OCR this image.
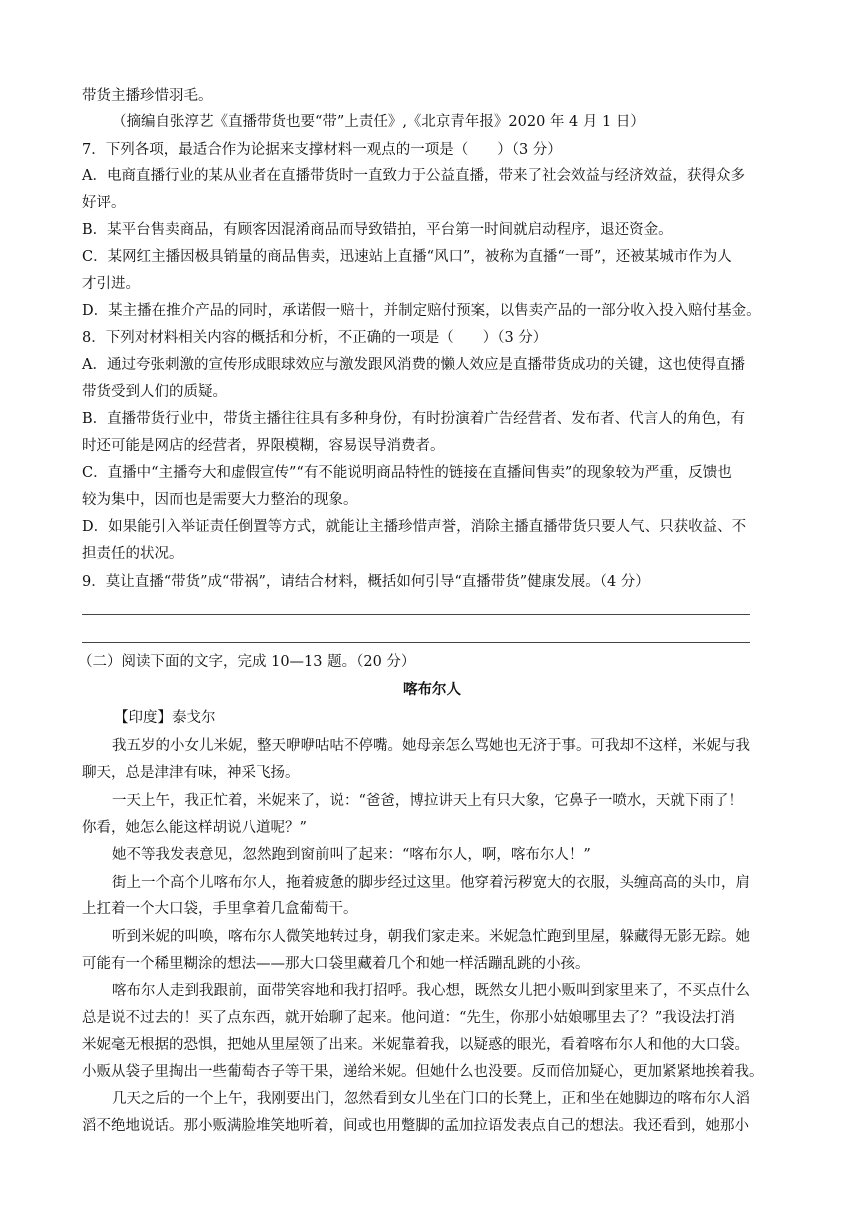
带货主播珍惜羽毛。
（摘编自张淳艺《直播带货也要“带”上责任》,《北京青年报》2020 年 4 月 1 日）
7．下列各项，最适合作为论据来支撑材料一观点的一项是（　　）（3 分）
A．电商直播行业的某从业者在直播带货时一直致力于公益直播，带来了社会效益与经济效益，获得众多
好评。
B．某平台售卖商品，有顾客因混淆商品而导致错拍，平台第一时间就启动程序，退还资金。
C．某网红主播因极具销量的商品售卖，迅速站上直播“风口”，被称为直播“一哥”，还被某城市作为人
才引进。
D．某主播在推介产品的同时，承诺假一赔十，并制定赔付预案，以售卖产品的一部分收入投入赔付基金。
8．下列对材料相关内容的概括和分析，不正确的一项是（　　）（3 分）
A．通过夸张刺激的宣传形成眼球效应与激发跟风消费的懒人效应是直播带货成功的关键，这也使得直播
带货受到人们的质疑。
B．直播带货行业中，带货主播往往具有多种身份，有时扮演着广告经营者、发布者、代言人的角色，有
时还可能是网店的经营者，界限模糊，容易误导消费者。
C．直播中“主播夸大和虚假宣传”“有不能说明商品特性的链接在直播间售卖”的现象较为严重，反馈也
较为集中，因而也是需要大力整治的现象。
D．如果能引入举证责任倒置等方式，就能让主播珍惜声誉，消除主播直播带货只要人气、只获收益、不
担责任的状况。
9．莫让直播“带货”成“带祸”，请结合材料，概括如何引导“直播带货”健康发展。（4 分）
（二）阅读下面的文字，完成 10—13 题。（20 分）
喀布尔人
【印度】泰戈尔
我五岁的小女儿米妮，整天咿咿咕咕不停嘴。她母亲怎么骂她也无济于事。可我却不这样，米妮与我
聊天，总是津津有味，神采飞扬。
一天上午，我正忙着，米妮来了，说：“爸爸，博拉讲天上有只大象，它鼻子一喷水，天就下雨了！
你看，她怎么能这样胡说八道呢？”
她不等我发表意见，忽然跑到窗前叫了起来：“喀布尔人，啊，喀布尔人！”
街上一个高个儿喀布尔人，拖着疲惫的脚步经过这里。他穿着污秽宽大的衣服，头缠高高的头巾，肩
上扛着一个大口袋，手里拿着几盒葡萄干。
听到米妮的叫唤，喀布尔人微笑地转过身，朝我们家走来。米妮急忙跑到里屋，躲藏得无影无踪。她
可能有一个稀里糊涂的想法——那大口袋里藏着几个和她一样活蹦乱跳的小孩。
喀布尔人走到我跟前，面带笑容地和我打招呼。我心想，既然女儿把小贩叫到家里来了，不买点什么
总是说不过去的！买了点东西，就开始聊了起来。他问道：“先生，你那小姑娘哪里去了？”我设法打消
米妮毫无根据的恐惧，把她从里屋领了出来。米妮靠着我，以疑惑的眼光，看着喀布尔人和他的大口袋。
小贩从袋子里掏出一些葡萄杏子等干果，递给米妮。但她什么也没要。反而倍加疑心，更加紧紧地挨着我。
几天之后的一个上午，我刚要出门，忽然看到女儿坐在门口的长凳上，正和坐在她脚边的喀布尔人滔
滔不绝地说话。那小贩满脸堆笑地听着，间或也用蹩脚的孟加拉语发表点自己的想法。我还看到，她那小
